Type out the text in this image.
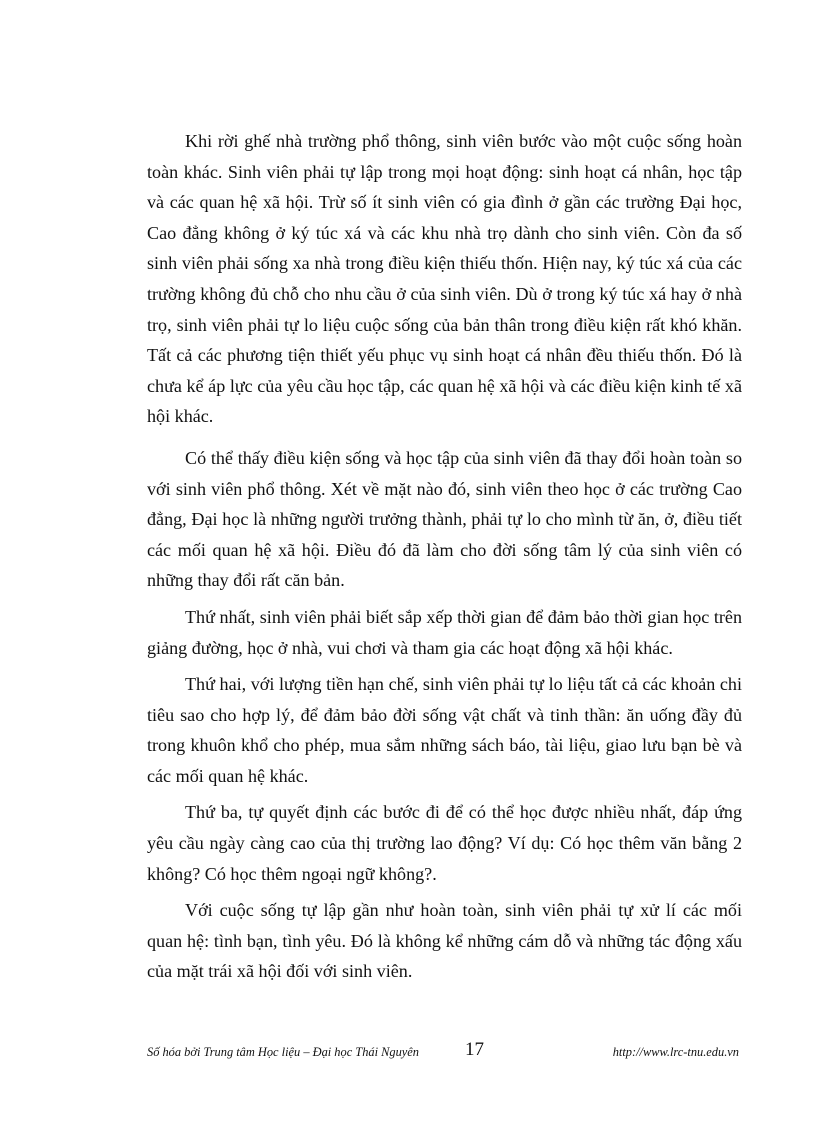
Khi rời ghế nhà trường phổ thông, sinh viên bước vào một cuộc sống hoàn toàn khác. Sinh viên phải tự lập trong mọi hoạt động: sinh hoạt cá nhân, học tập và các quan hệ xã hội. Trừ số ít sinh viên có gia đình ở gần các trường Đại học, Cao đẳng không ở ký túc xá và các khu nhà trọ dành cho sinh viên. Còn đa số sinh viên phải sống xa nhà trong điều kiện thiếu thốn. Hiện nay, ký túc xá của các trường không đủ chỗ cho nhu cầu ở của sinh viên. Dù ở trong ký túc xá hay ở nhà trọ, sinh viên phải tự lo liệu cuộc sống của bản thân trong điều kiện rất khó khăn. Tất cả các phương tiện thiết yếu phục vụ sinh hoạt cá nhân đều thiếu thốn. Đó là chưa kể áp lực của yêu cầu học tập, các quan hệ xã hội và các điều kiện kinh tế xã hội khác.

Có thể thấy điều kiện sống và học tập của sinh viên đã thay đổi hoàn toàn so với sinh viên phổ thông. Xét về mặt nào đó, sinh viên theo học ở các trường Cao đẳng, Đại học là những người trưởng thành, phải tự lo cho mình từ ăn, ở, điều tiết các mối quan hệ xã hội. Điều đó đã làm cho đời sống tâm lý của sinh viên có những thay đổi rất căn bản.

Thứ nhất, sinh viên phải biết sắp xếp thời gian để đảm bảo thời gian học trên giảng đường, học ở nhà, vui chơi và tham gia các hoạt động xã hội khác.

Thứ hai, với lượng tiền hạn chế, sinh viên phải tự lo liệu tất cả các khoản chi tiêu sao cho hợp lý, để đảm bảo đời sống vật chất và tinh thần: ăn uống đầy đủ trong khuôn khổ cho phép, mua sắm những sách báo, tài liệu, giao lưu bạn bè và các mối quan hệ khác.

Thứ ba, tự quyết định các bước đi để có thể học được nhiều nhất, đáp ứng yêu cầu ngày càng cao của thị trường lao động? Ví dụ: Có học thêm văn bằng 2 không? Có học thêm ngoại ngữ không?.

Với cuộc sống tự lập gần như hoàn toàn, sinh viên phải tự xử lí các mối quan hệ: tình bạn, tình yêu. Đó là không kể những cám dỗ và những tác động xấu của mặt trái xã hội đối với sinh viên.

Số hóa bởi Trung tâm Học liệu – Đại học Thái Nguyên 17	http://www.lrc-tnu.edu.vn
